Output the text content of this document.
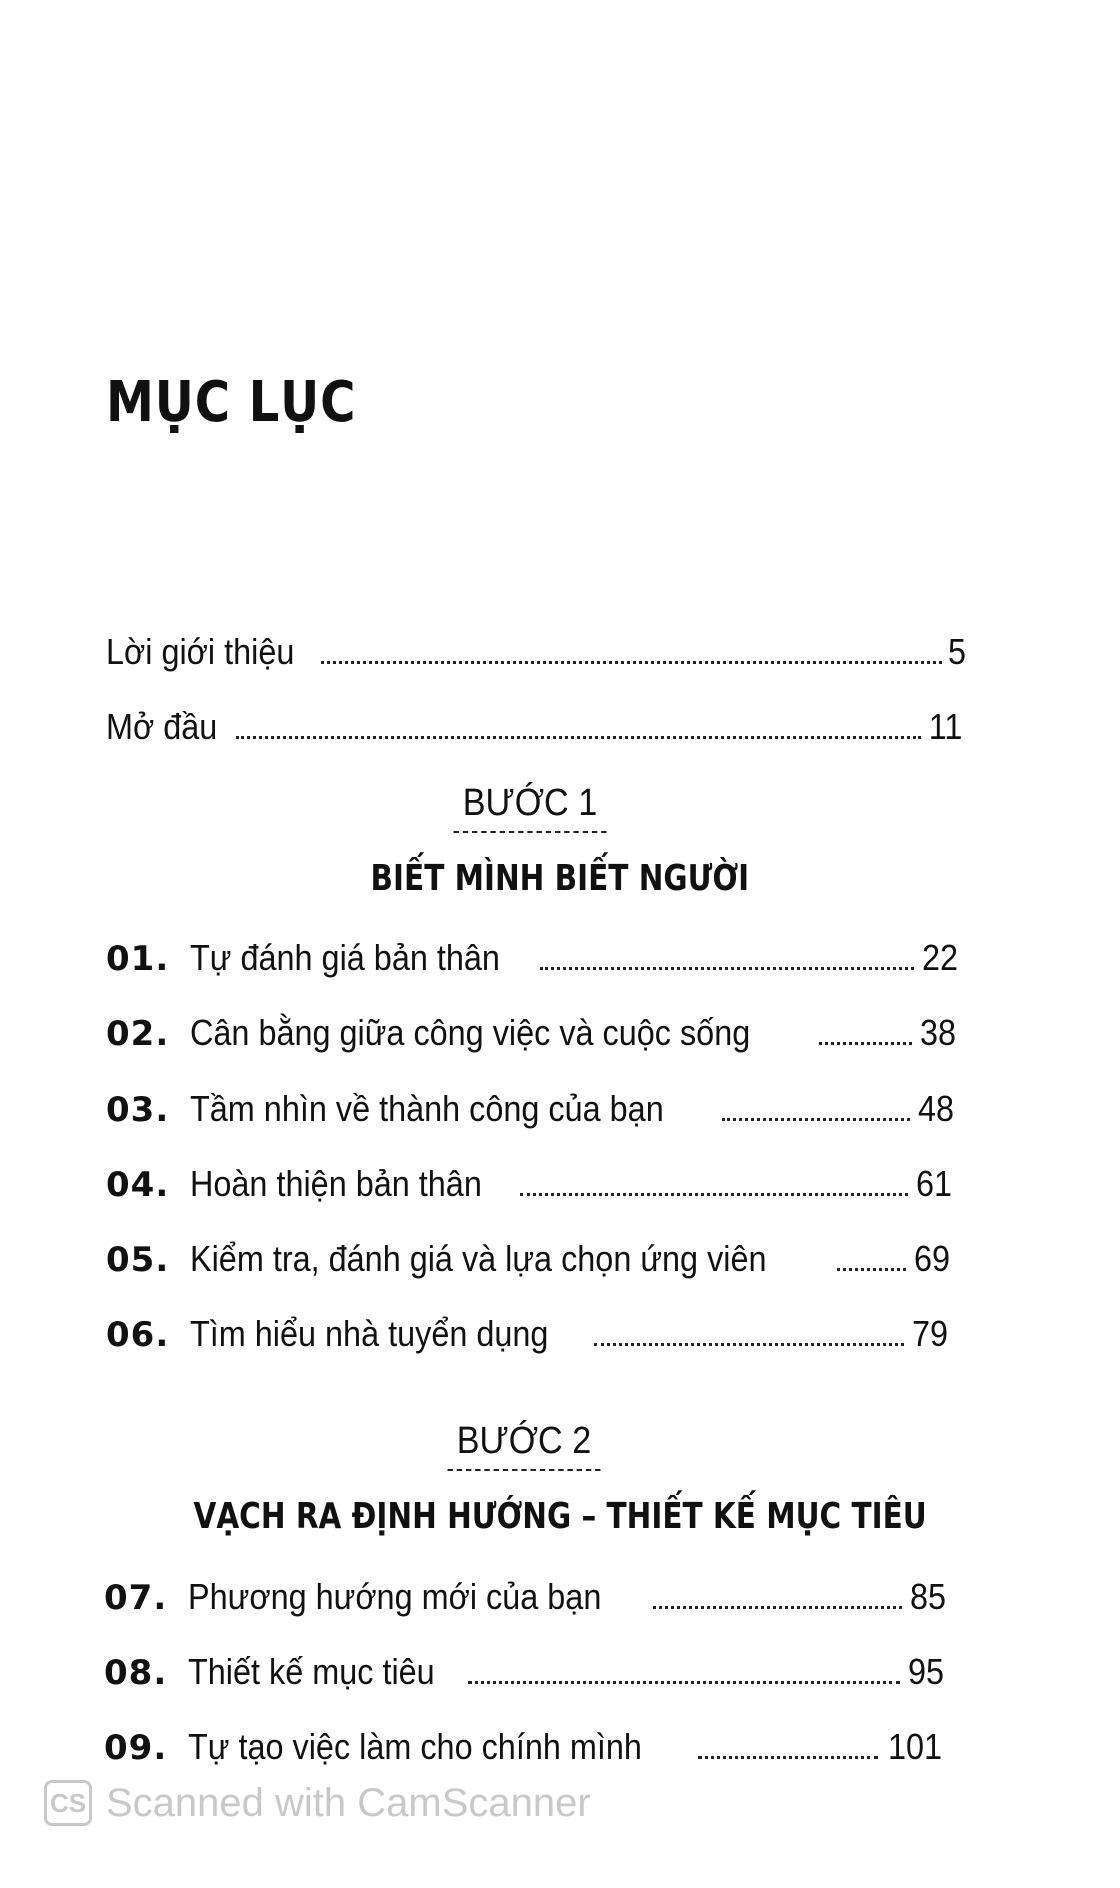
MỤC LỤC
Lời giới thiệu	5
Mở đầu	11
BƯỚC 1
BIẾT MÌNH BIẾT NGƯỜI
01. Tự đánh giá bản thân	22
02. Cân bằng giữa công việc và cuộc sống	38
03. Tầm nhìn về thành công của bạn	48
04. Hoàn thiện bản thân	61
05. Kiểm tra, đánh giá và lựa chọn ứng viên	69
06. Tìm hiểu nhà tuyển dụng	79
BƯỚC 2
VẠCH RA ĐỊNH HƯỚNG – THIẾT KẾ MỤC TIÊU
07. Phương hướng mới của bạn	85
08. Thiết kế mục tiêu	95
09. Tự tạo việc làm cho chính mình	101
CS Scanned with CamScanner
